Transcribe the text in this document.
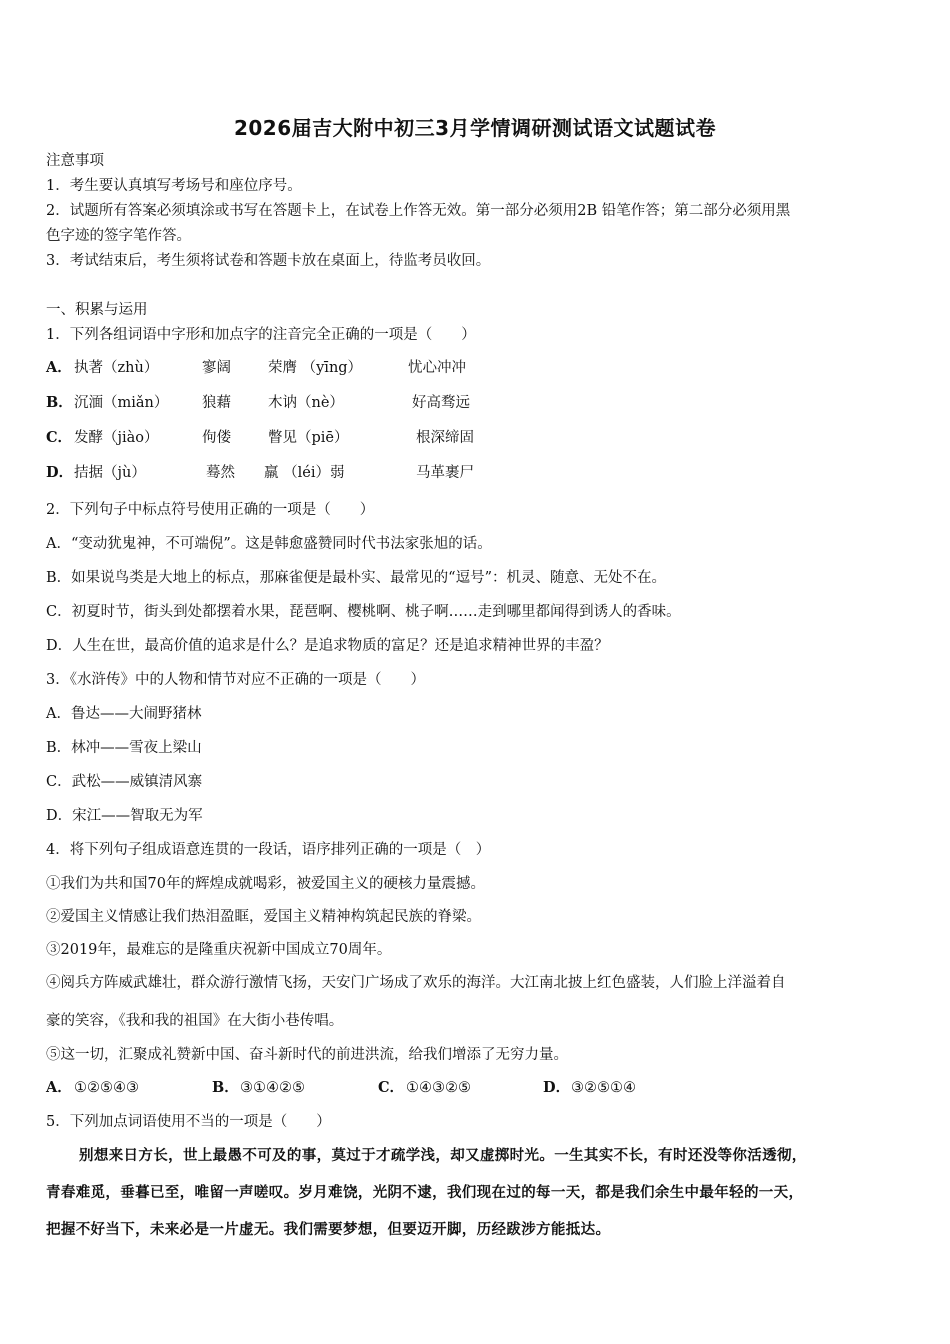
2026届吉大附中初三3月学情调研测试语文试题试卷
注意事项
1．考生要认真填写考场号和座位序号。
2．试题所有答案必须填涂或书写在答题卡上，在试卷上作答无效。第一部分必须用2B 铅笔作答；第二部分必须用黑
色字迹的签字笔作答。
3．考试结束后，考生须将试卷和答题卡放在桌面上，待监考员收回。
一、积累与运用
1．下列各组词语中字形和加点字的注音完全正确的一项是（　　）
A． 执著（zhù）	寥阔	荣膺 （yīng）	忧心冲冲
B． 沉湎（miǎn） 狼藉	木讷（nè）	好高骛远
C． 发酵（jiào）	佝偻	瞥见（piē）	根深缔固
D． 拮据（jù）	蓦然 羸 （léi）弱	马革裹尸
2．下列句子中标点符号使用正确的一项是（　　）
A．“变动犹鬼神，不可端倪”。这是韩愈盛赞同时代书法家张旭的话。
B．如果说鸟类是大地上的标点，那麻雀便是最朴实、最常见的“逗号”：机灵、随意、无处不在。
C．初夏时节，街头到处都摆着水果，琵琶啊、樱桃啊、桃子啊……走到哪里都闻得到诱人的香味。
D．人生在世，最高价值的追求是什么？是追求物质的富足？还是追求精神世界的丰盈？
3．《水浒传》中的人物和情节对应不正确的一项是（　　）
A．鲁达——大闹野猪林
B．林冲——雪夜上梁山
C．武松——威镇清风寨
D．宋江——智取无为军
4．将下列句子组成语意连贯的一段话，语序排列正确的一项是（　）
①我们为共和国70年的辉煌成就喝彩，被爱国主义的硬核力量震撼。
②爱国主义情感让我们热泪盈眶，爱国主义精神构筑起民族的脊梁。
③2019年，最难忘的是隆重庆祝新中国成立70周年。
④阅兵方阵威武雄壮，群众游行激情飞扬，天安门广场成了欢乐的海洋。大江南北披上红色盛装，人们脸上洋溢着自
豪的笑容，《我和我的祖国》在大街小巷传唱。
⑤这一切，汇聚成礼赞新中国、奋斗新时代的前进洪流，给我们增添了无穷力量。
A． ①②⑤④③	B． ③①④②⑤	C． ①④③②⑤	D． ③②⑤①④
5．下列加点词语使用不当的一项是（　　）
别想来日方长，世上最愚不可及的事，莫过于才疏学浅，却又虚掷时光。一生其实不长，有时还没等你活透彻，
青春难觅，垂暮已至，唯留一声嗟叹。岁月难饶，光阴不逮，我们现在过的每一天，都是我们余生中最年轻的一天，
把握不好当下，未来必是一片虚无。我们需要梦想，但要迈开脚，历经跋涉方能抵达。
